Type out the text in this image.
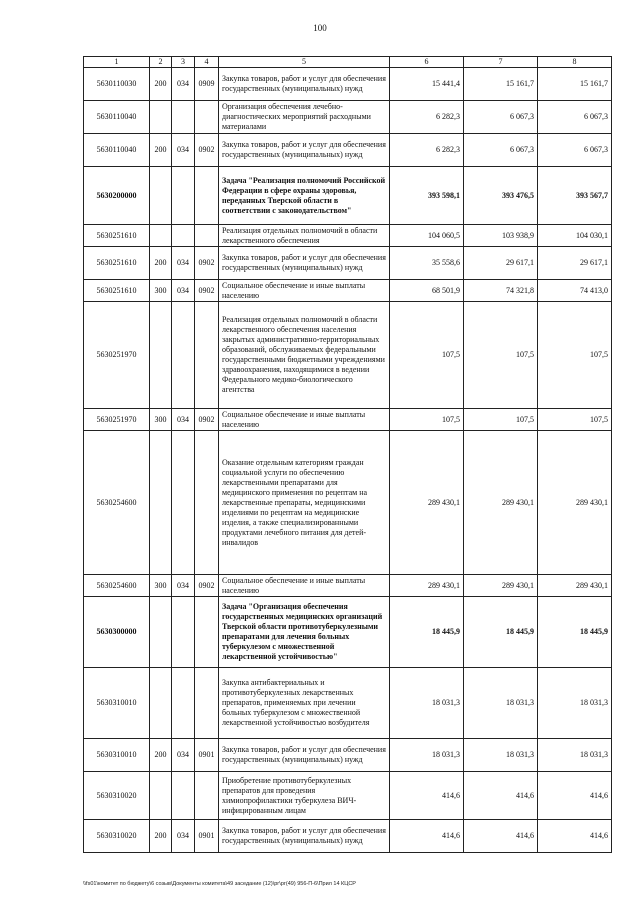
100
1	2	3	4	5	6	7	8
5630110030	200	034	0909	Закупка товаров, работ и услуг для обеспечения государственных (муниципальных) нужд	15 441,4	15 161,7	15 161,7
5630110040				Организация обеспечения лечебно-диагностических мероприятий расходными материалами	6 282,3	6 067,3	6 067,3
5630110040	200	034	0902	Закупка товаров, работ и услуг для обеспечения государственных (муниципальных) нужд	6 282,3	6 067,3	6 067,3
5630200000				Задача "Реализация полномочий Российской Федерации в сфере охраны здоровья, переданных Тверской области в соответствии с законодательством"	393 598,1	393 476,5	393 567,7
5630251610				Реализация отдельных полномочий в области лекарственного обеспечения	104 060,5	103 938,9	104 030,1
5630251610	200	034	0902	Закупка товаров, работ и услуг для обеспечения государственных (муниципальных) нужд	35 558,6	29 617,1	29 617,1
5630251610	300	034	0902	Социальное обеспечение и иные выплаты населению	68 501,9	74 321,8	74 413,0
5630251970				Реализация отдельных полномочий в области лекарственного обеспечения населения закрытых административно-территориальных образований, обслуживаемых федеральными государственными бюджетными учреждениями здравоохранения, находящимися в ведении Федерального медико-биологического агентства	107,5	107,5	107,5
5630251970	300	034	0902	Социальное обеспечение и иные выплаты населению	107,5	107,5	107,5
5630254600				Оказание отдельным категориям граждан социальной услуги по обеспечению лекарственными препаратами для медицинского применения по рецептам на лекарственные препараты, медицинскими изделиями по рецептам на медицинские изделия, а также специализированными продуктами лечебного питания для детей-инвалидов	289 430,1	289 430,1	289 430,1
5630254600	300	034	0902	Социальное обеспечение и иные выплаты населению	289 430,1	289 430,1	289 430,1
5630300000				Задача "Организация обеспечения государственных медицинских организаций Тверской области противотуберкулезными препаратами для лечения больных туберкулезом с множественной лекарственной устойчивостью"	18 445,9	18 445,9	18 445,9
5630310010				Закупка антибактериальных и противотуберкулезных лекарственных препаратов, применяемых при лечении больных туберкулезом с множественной лекарственной устойчивостью возбудителя	18 031,3	18 031,3	18 031,3
5630310010	200	034	0901	Закупка товаров, работ и услуг для обеспечения государственных (муниципальных) нужд	18 031,3	18 031,3	18 031,3
5630310020				Приобретение противотуберкулезных препаратов для проведения химиопрофилактики туберкулеза ВИЧ-инфицированным лицам	414,6	414,6	414,6
5630310020	200	034	0901	Закупка товаров, работ и услуг для обеспечения государственных (муниципальных) нужд	414,6	414,6	414,6
\\fs01\комитет по бюджету\6 созыв\Документы комитета\49 заседание (12)\рг\рг(49) 956-П-6\Прил 14 КЦСР
